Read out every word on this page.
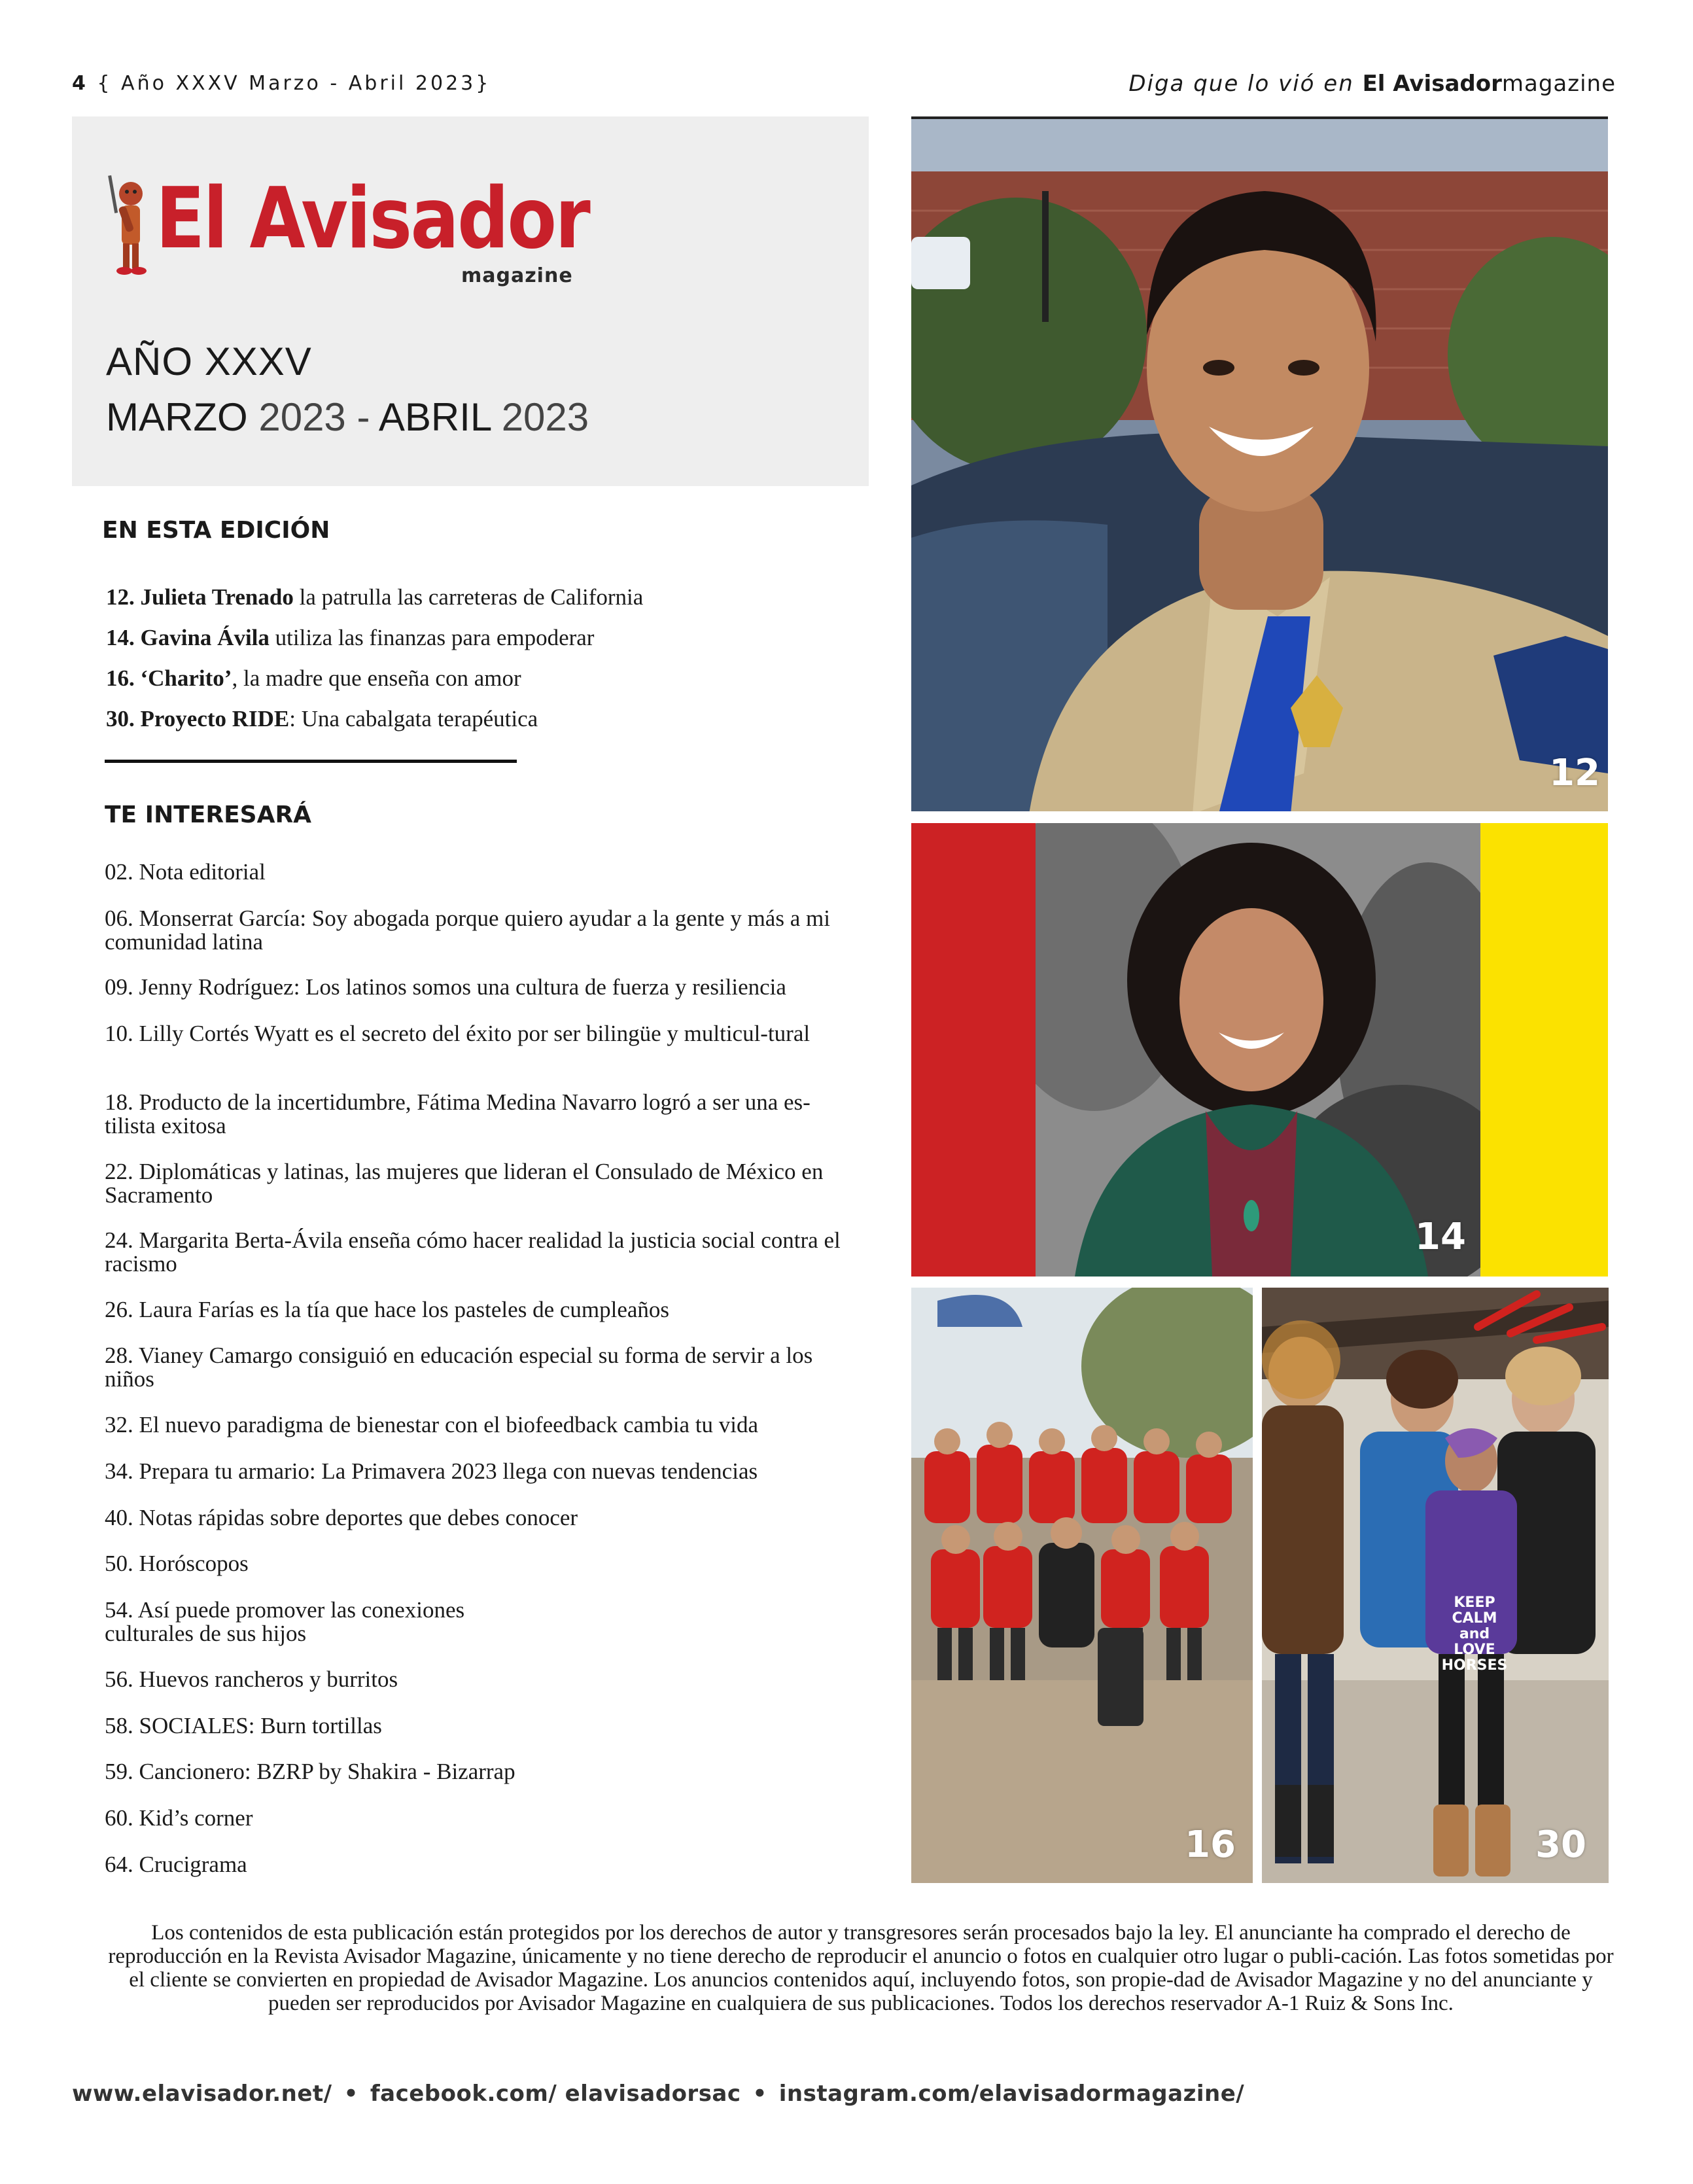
4 { Año XXXV Marzo - Abril 2023}	Diga que lo vió en El Avisadormagazine
El Avisador
magazine
AÑO XXXV
MARZO 2023 - ABRIL 2023
EN ESTA EDICIÓN
12. Julieta Trenado la patrulla las carreteras de California
14. Gavina Ávila utiliza las finanzas para empoderar
16. ‘Charito’, la madre que enseña con amor
30. Proyecto RIDE: Una cabalgata terapéutica
TE INTERESARÁ
02. Nota editorial
06. Monserrat García: Soy abogada porque quiero ayudar a la gente y más a mi comunidad latina
09. Jenny Rodríguez: Los latinos somos una cultura de fuerza y resiliencia
10. Lilly Cortés Wyatt es el secreto del éxito por ser bilingüe y multicul-tural
18. Producto de la incertidumbre, Fátima Medina Navarro logró a ser una es-tilista exitosa
22. Diplomáticas y latinas, las mujeres que lideran el Consulado de México en Sacramento
24. Margarita Berta-Ávila enseña cómo hacer realidad la justicia social contra el racismo
26. Laura Farías es la tía que hace los pasteles de cumpleaños
28. Vianey Camargo consiguió en educación especial su forma de servir a los niños
32. El nuevo paradigma de bienestar con el biofeedback cambia tu vida
34. Prepara tu armario: La Primavera 2023 llega con nuevas tendencias
40. Notas rápidas sobre deportes que debes conocer
50. Horóscopos
54. Así puede promover las conexiones culturales de sus hijos
56. Huevos rancheros y burritos
58. SOCIALES: Burn tortillas
59. Cancionero: BZRP by Shakira - Bizarrap
60. Kid’s corner
64. Crucigrama
12
14
16
KEEP CALM and LOVE HORSES
30
Los contenidos de esta publicación están protegidos por los derechos de autor y transgresores serán procesados bajo la ley. El anunciante ha comprado el derecho de reproducción en la Revista Avisador Magazine, únicamente y no tiene derecho de reproducir el anuncio o fotos en cualquier otro lugar o publi-cación. Las fotos sometidas por el cliente se convierten en propiedad de Avisador Magazine. Los anuncios contenidos aquí, incluyendo fotos, son propie-dad de Avisador Magazine y no del anunciante y pueden ser reproducidos por Avisador Magazine en cualquiera de sus publicaciones. Todos los derechos reservador A-1 Ruiz & Sons Inc.
www.elavisador.net/ • facebook.com/ elavisadorsac • instagram.com/elavisadormagazine/
